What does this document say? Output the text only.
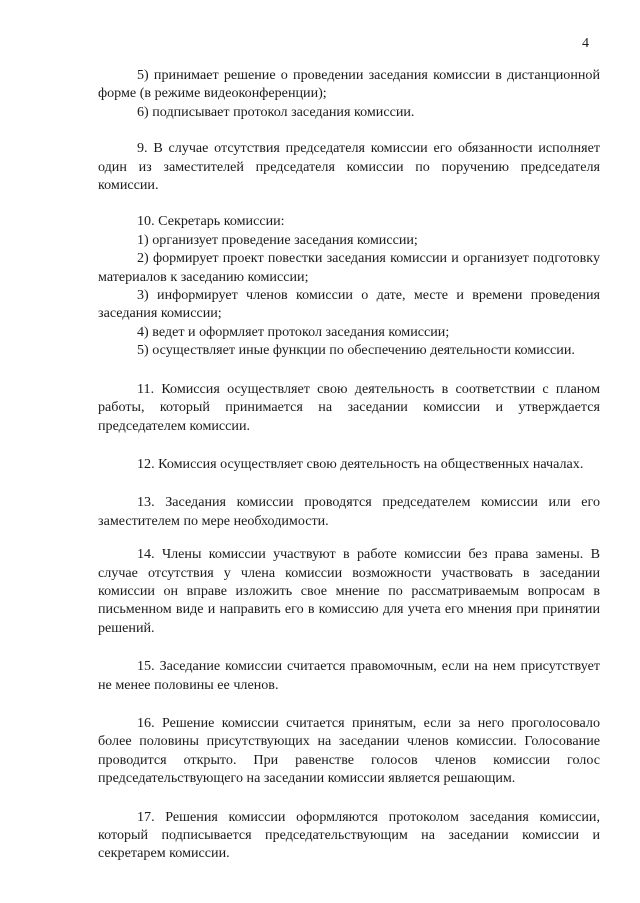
4

5) принимает решение о проведении заседания комиссии в дистанционной форме (в режиме видеоконференции);

6) подписывает протокол заседания комиссии.

9. В случае отсутствия председателя комиссии его обязанности исполняет один из заместителей председателя комиссии по поручению председателя комиссии.

10. Секретарь комиссии:

1) организует проведение заседания комиссии;

2) формирует проект повестки заседания комиссии и организует подготовку материалов к заседанию комиссии;

3) информирует членов комиссии о дате, месте и времени проведения заседания комиссии;

4) ведет и оформляет протокол заседания комиссии;

5) осуществляет иные функции по обеспечению деятельности комиссии.

11. Комиссия осуществляет свою деятельность в соответствии с планом работы, который принимается на заседании комиссии и утверждается председателем комиссии.

12. Комиссия осуществляет свою деятельность на общественных началах.

13. Заседания комиссии проводятся председателем комиссии или его заместителем по мере необходимости.

14. Члены комиссии участвуют в работе комиссии без права замены. В случае отсутствия у члена комиссии возможности участвовать в заседании комиссии он вправе изложить свое мнение по рассматриваемым вопросам в письменном виде и направить его в комиссию для учета его мнения при принятии решений.

15. Заседание комиссии считается правомочным, если на нем присутствует не менее половины ее членов.

16. Решение комиссии считается принятым, если за него проголосовало более половины присутствующих на заседании членов комиссии. Голосование проводится открыто. При равенстве голосов членов комиссии голос председательствующего на заседании комиссии является решающим.

17. Решения комиссии оформляются протоколом заседания комиссии, который подписывается председательствующим на заседании комиссии и секретарем комиссии.
